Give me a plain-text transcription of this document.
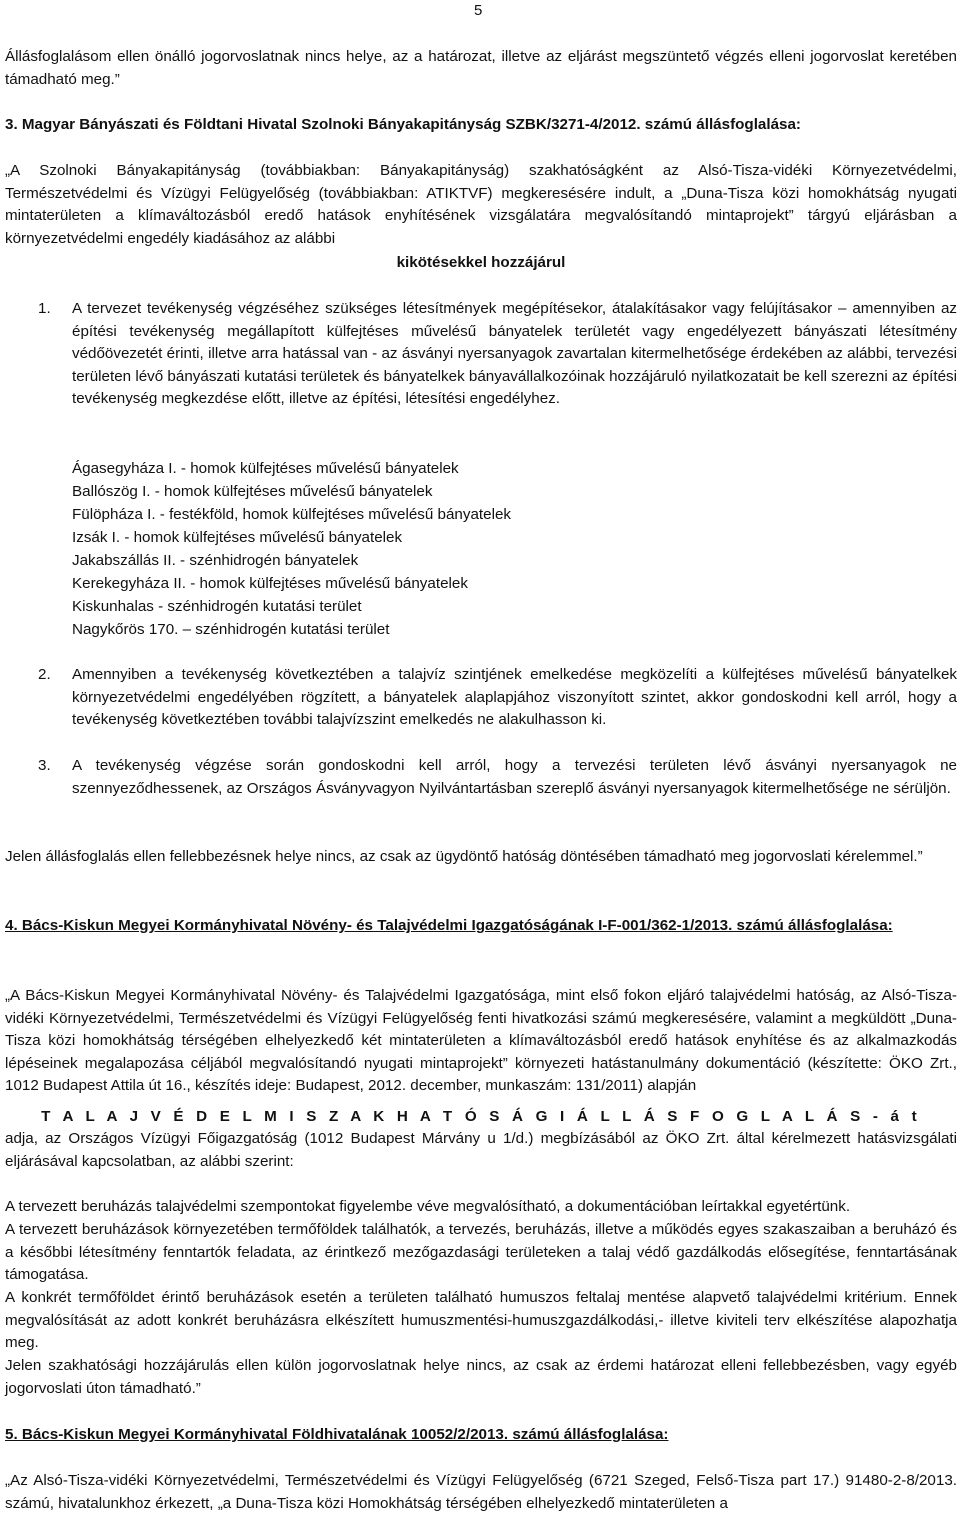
5
Állásfoglalásom ellen önálló jogorvoslatnak nincs helye, az a határozat, illetve az eljárást megszüntető végzés elleni jogorvoslat keretében támadható meg.”
3. Magyar Bányászati és Földtani Hivatal Szolnoki Bányakapitányság SZBK/3271-4/2012. számú állásfoglalása:
„A Szolnoki Bányakapitányság (továbbiakban: Bányakapitányság) szakhatóságként az Alsó-Tisza-vidéki Környezetvédelmi, Természetvédelmi és Vízügyi Felügyelőség (továbbiakban: ATIKTVF) megkeresésére indult, a „Duna-Tisza közi homokhátság nyugati mintaterületen a klímaváltozásból eredő hatások enyhítésének vizsgálatára megvalósítandó mintaprojekt” tárgyú eljárásban a környezetvédelmi engedély kiadásához az alábbi
kikötésekkel hozzájárul
1. A tervezet tevékenység végzéséhez szükséges létesítmények megépítésekor, átalakításakor vagy felújításakor – amennyiben az építési tevékenység megállapított külfejtéses művelésű bányatelek területét vagy engedélyezett bányászati létesítmény védőövezetét érinti, illetve arra hatással van - az ásványi nyersanyagok zavartalan kitermelhetősége érdekében az alábbi, tervezési területen lévő bányászati kutatási területek és bányatelkek bányavállalkozóinak hozzájáruló nyilatkozatait be kell szerezni az építési tevékenység megkezdése előtt, illetve az építési, létesítési engedélyhez.
Ágasegyháza I. - homok külfejtéses művelésű bányatelek
Ballószög I. - homok külfejtéses művelésű bányatelek
Fülöpháza I. - festékföld, homok külfejtéses művelésű bányatelek
Izsák I. - homok külfejtéses művelésű bányatelek
Jakabszállás II. - szénhidrogén bányatelek
Kerekegyháza II. - homok külfejtéses művelésű bányatelek
Kiskunhalas - szénhidrogén kutatási terület
Nagykőrös 170. – szénhidrogén kutatási terület
2. Amennyiben a tevékenység következtében a talajvíz szintjének emelkedése megközelíti a külfejtéses művelésű bányatelkek környezetvédelmi engedélyében rögzített, a bányatelek alaplapjához viszonyított szintet, akkor gondoskodni kell arról, hogy a tevékenység következtében további talajvízszint emelkedés ne alakulhasson ki.
3. A tevékenység végzése során gondoskodni kell arról, hogy a tervezési területen lévő ásványi nyersanyagok ne szennyeződhessenek, az Országos Ásványvagyon Nyilvántartásban szereplő ásványi nyersanyagok kitermelhetősége ne sérüljön.
Jelen állásfoglalás ellen fellebbezésnek helye nincs, az csak az ügydöntő hatóság döntésében támadható meg jogorvoslati kérelemmel.”
4. Bács-Kiskun Megyei Kormányhivatal Növény- és Talajvédelmi Igazgatóságának I-F-001/362-1/2013. számú állásfoglalása:
„A Bács-Kiskun Megyei Kormányhivatal Növény- és Talajvédelmi Igazgatósága, mint első fokon eljáró talajvédelmi hatóság, az Alsó-Tisza-vidéki Környezetvédelmi, Természetvédelmi és Vízügyi Felügyelőség fenti hivatkozási számú megkeresésére, valamint a megküldött „Duna-Tisza közi homokhátság térségében elhelyezkedő két mintaterületen a klímaváltozásból eredő hatások enyhítése és az alkalmazkodás lépéseinek megalapozása céljából megvalósítandó nyugati mintaprojekt” környezeti hatástanulmány dokumentáció (készítette: ÖKO Zrt., 1012 Budapest Attila út 16., készítés ideje: Budapest, 2012. december, munkaszám: 131/2011) alapján
T A L A J V É D E L M I S Z A K H A T Ó S Á G I Á L L Á S F O G L A L Á S - á t
adja, az Országos Vízügyi Főigazgatóság (1012 Budapest Márvány u 1/d.) megbízásából az ÖKO Zrt. által kérelmezett hatásvizsgálati eljárásával kapcsolatban, az alábbi szerint:
A tervezett beruházás talajvédelmi szempontokat figyelembe véve megvalósítható, a dokumentációban leírtakkal egyetértünk.
A tervezett beruházások környezetében termőföldek találhatók, a tervezés, beruházás, illetve a működés egyes szakaszaiban a beruházó és a későbbi létesítmény fenntartók feladata, az érintkező mezőgazdasági területeken a talaj védő gazdálkodás elősegítése, fenntartásának támogatása.
A konkrét termőföldet érintő beruházások esetén a területen található humuszos feltalaj mentése alapvető talajvédelmi kritérium. Ennek megvalósítását az adott konkrét beruházásra elkészített humuszmentési-humuszgazdálkodási,- illetve kiviteli terv elkészítése alapozhatja meg.
Jelen szakhatósági hozzájárulás ellen külön jogorvoslatnak helye nincs, az csak az érdemi határozat elleni fellebbezésben, vagy egyéb jogorvoslati úton támadható.”
5. Bács-Kiskun Megyei Kormányhivatal Földhivatalának 10052/2/2013. számú állásfoglalása:
„Az Alsó-Tisza-vidéki Környezetvédelmi, Természetvédelmi és Vízügyi Felügyelőség (6721 Szeged, Felső-Tisza part 17.) 91480-2-8/2013. számú, hivatalunkhoz érkezett, „a Duna-Tisza közi Homokhátság térségében elhelyezkedő mintaterületen a
